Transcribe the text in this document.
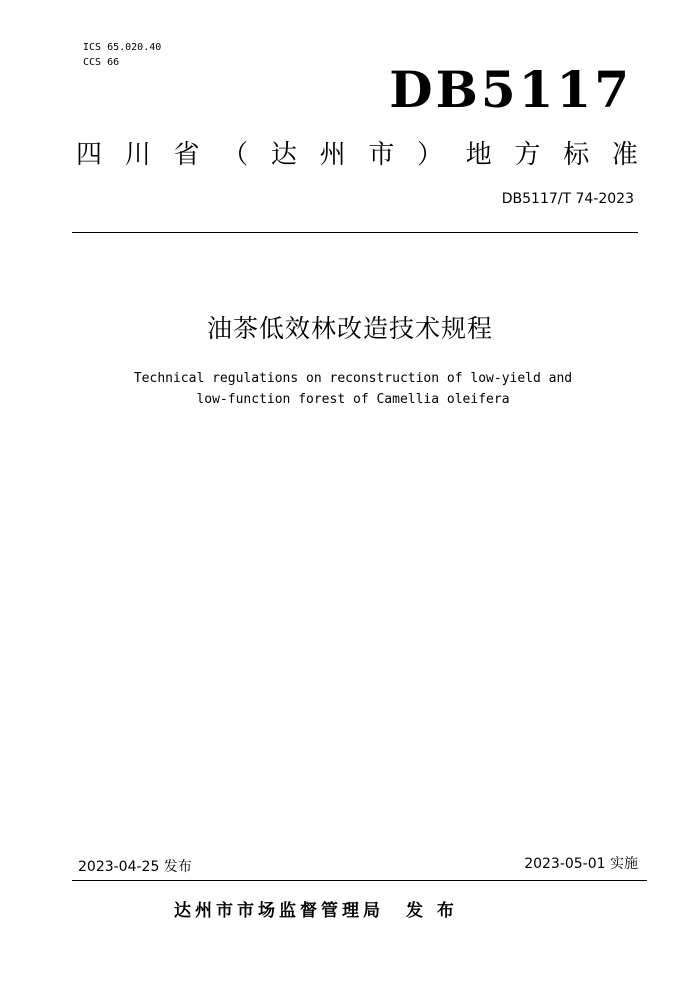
ICS 65.020.40
CCS 66	DB5117
四 川 省 （ 达 州 市 ） 地 方 标 准
DB5117/T 74-2023
油茶低效林改造技术规程
Technical regulations on reconstruction of low-yield and
low-function forest of Camellia oleifera
2023-04-25 发布	2023-05-01 实施
达州市市场监督管理局 发 布
